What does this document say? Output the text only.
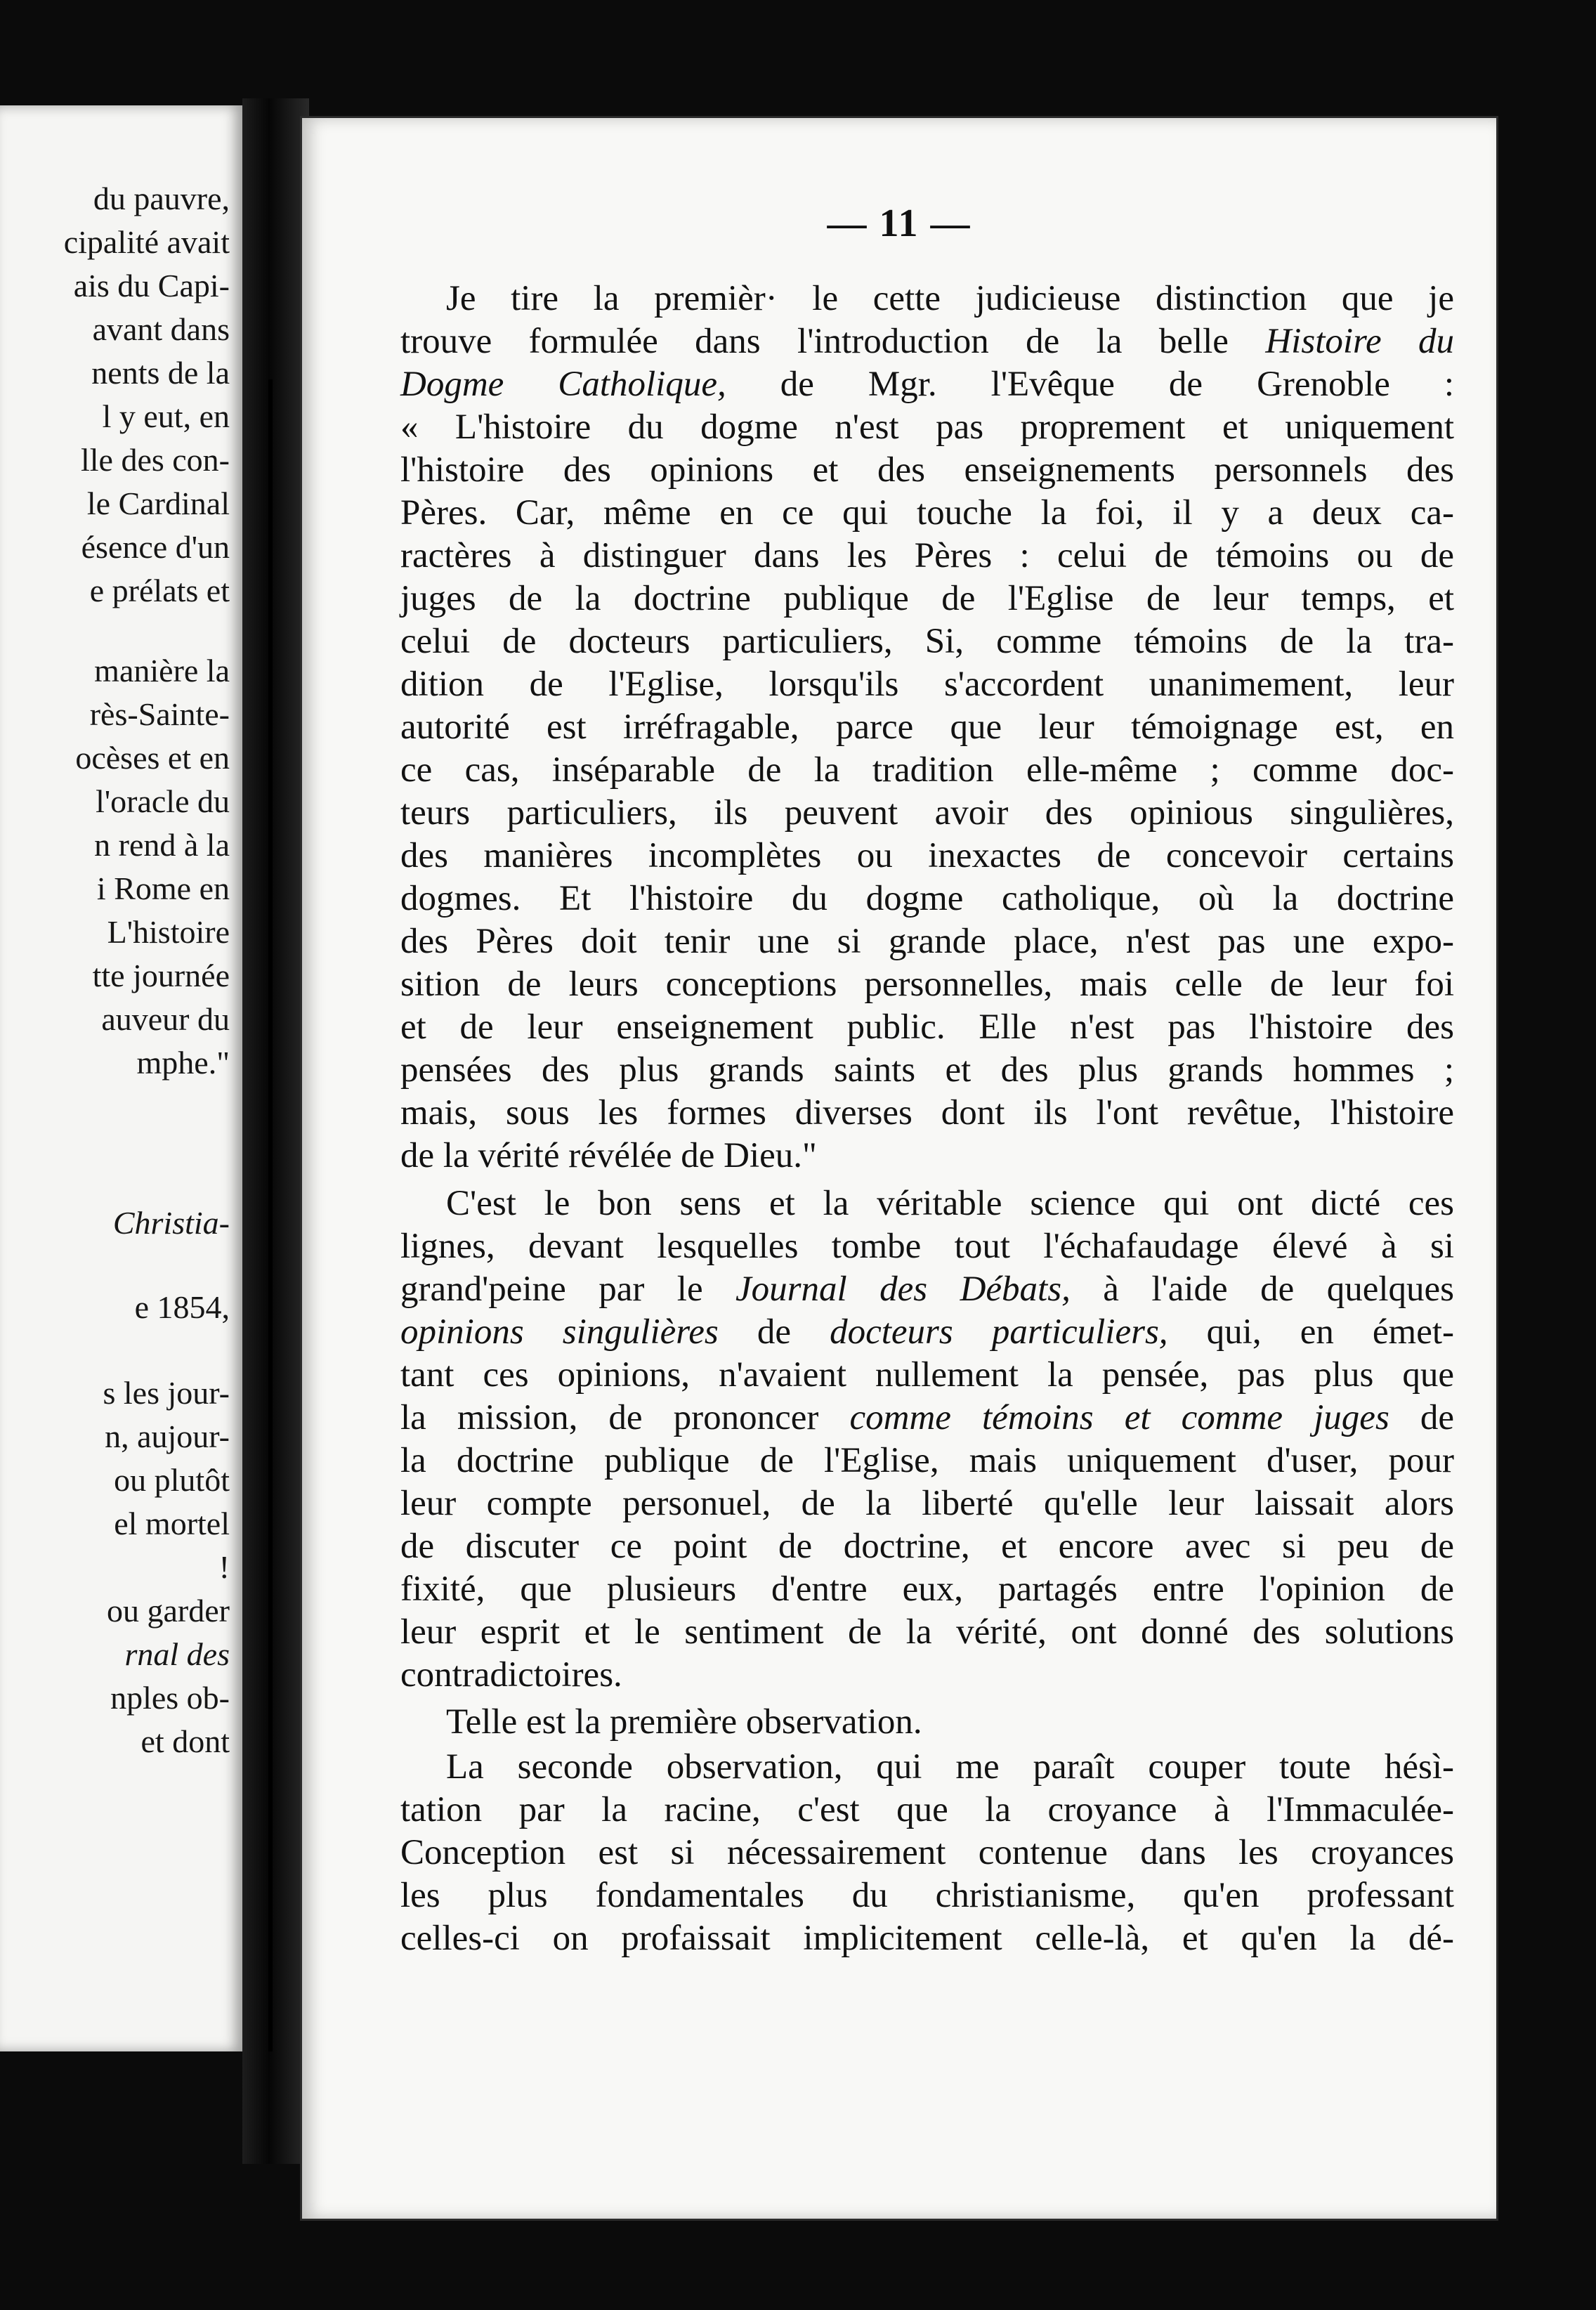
du pauvre,
cipalité avait
ais du Capi-
avant dans
nents de la
l y eut, en
lle des con-
le Cardinal
ésence d'un
e prélats et
manière la
rès-Sainte-
ocèses et en
l'oracle du
n rend à la
i Rome en
L'histoire
tte journée
auveur du
mphe."
Christia-
e 1854,
s les jour-
n, aujour-
ou plutôt
el mortel
!
ou garder
rnal des
nples ob-
et dont
— 11 —
Je tire la premièr· le cette judicieuse distinction que je
trouve formulée dans l'introduction de la belle Histoire du
Dogme Catholique, de Mgr. l'Evêque de Grenoble :
« L'histoire du dogme n'est pas proprement et uniquement
l'histoire des opinions et des enseignements personnels des
Pères. Car, même en ce qui touche la foi, il y a deux ca-
ractères à distinguer dans les Pères : celui de témoins ou de
juges de la doctrine publique de l'Eglise de leur temps, et
celui de docteurs particuliers, Si, comme témoins de la tra-
dition de l'Eglise, lorsqu'ils s'accordent unanimement, leur
autorité est irréfragable, parce que leur témoignage est, en
ce cas, inséparable de la tradition elle-même ; comme doc-
teurs particuliers, ils peuvent avoir des opinious singulières,
des manières incomplètes ou inexactes de concevoir certains
dogmes. Et l'histoire du dogme catholique, où la doctrine
des Pères doit tenir une si grande place, n'est pas une expo-
sition de leurs conceptions personnelles, mais celle de leur foi
et de leur enseignement public. Elle n'est pas l'histoire des
pensées des plus grands saints et des plus grands hommes ;
mais, sous les formes diverses dont ils l'ont revêtue, l'histoire
de la vérité révélée de Dieu."
C'est le bon sens et la véritable science qui ont dicté ces
lignes, devant lesquelles tombe tout l'échafaudage élevé à si
grand'peine par le Journal des Débats, à l'aide de quelques
opinions singulières de docteurs particuliers, qui, en émet-
tant ces opinions, n'avaient nullement la pensée, pas plus que
la mission, de prononcer comme témoins et comme juges de
la doctrine publique de l'Eglise, mais uniquement d'user, pour
leur compte personuel, de la liberté qu'elle leur laissait alors
de discuter ce point de doctrine, et encore avec si peu de
fixité, que plusieurs d'entre eux, partagés entre l'opinion de
leur esprit et le sentiment de la vérité, ont donné des solutions
contradictoires.
Telle est la première observation.
La seconde observation, qui me paraît couper toute hésì-
tation par la racine, c'est que la croyance à l'Immaculée-
Conception est si nécessairement contenue dans les croyances
les plus fondamentales du christianisme, qu'en professant
celles-ci on profaissait implicitement celle-là, et qu'en la dé-
